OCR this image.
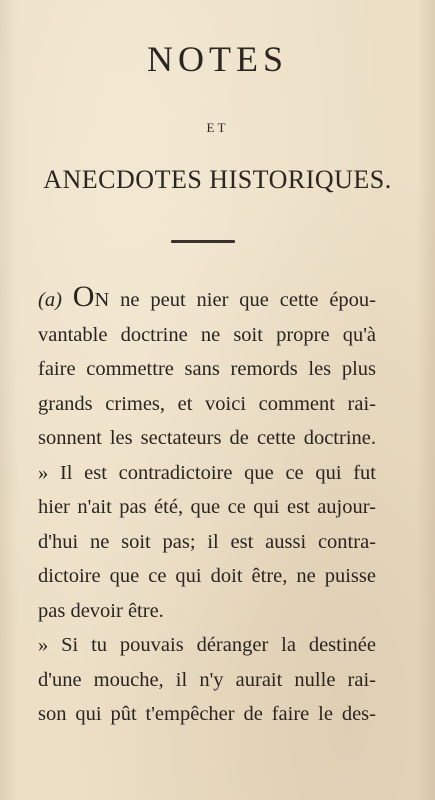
NOTES
ET
ANECDOTES HISTORIQUES.
(a) ON ne peut nier que cette épou-
vantable doctrine ne soit propre qu'à
faire commettre sans remords les plus
grands crimes, et voici comment rai-
sonnent les sectateurs de cette doctrine.
» Il est contradictoire que ce qui fut
hier n'ait pas été, que ce qui est aujour-
d'hui ne soit pas; il est aussi contra-
dictoire que ce qui doit être, ne puisse
pas devoir être.
» Si tu pouvais déranger la destinée
d'une mouche, il n'y aurait nulle rai-
son qui pût t'empêcher de faire le des-
